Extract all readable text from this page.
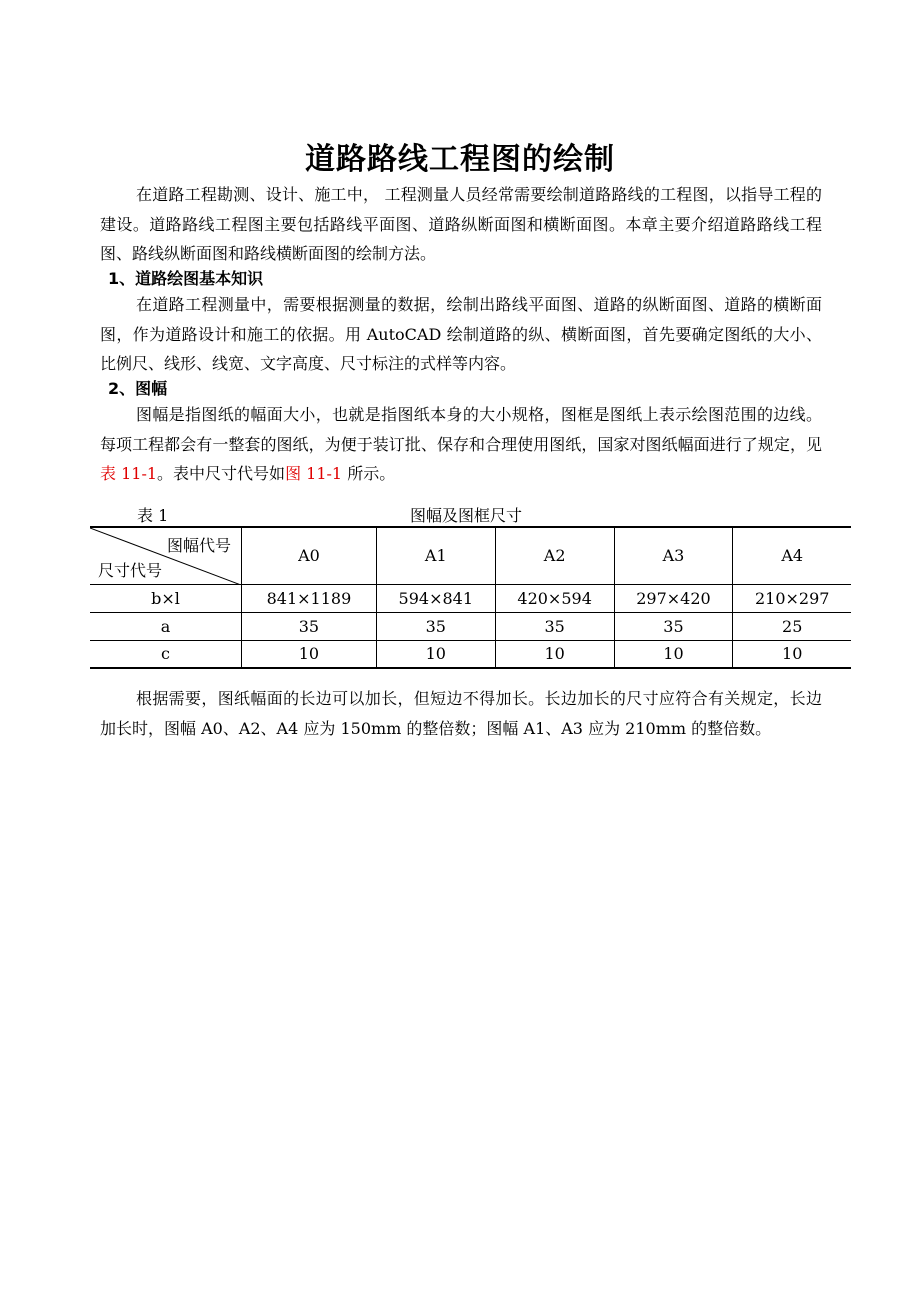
道路路线工程图的绘制
在道路工程勘测、设计、施工中， 工程测量人员经常需要绘制道路路线的工程图，以指导工程的建设。道路路线工程图主要包括路线平面图、道路纵断面图和横断面图。本章主要介绍道路路线工程图、路线纵断面图和路线横断面图的绘制方法。
1、道路绘图基本知识
在道路工程测量中，需要根据测量的数据，绘制出路线平面图、道路的纵断面图、道路的横断面图，作为道路设计和施工的依据。用 AutoCAD 绘制道路的纵、横断面图，首先要确定图纸的大小、比例尺、线形、线宽、文字高度、尺寸标注的式样等内容。
2、图幅
图幅是指图纸的幅面大小，也就是指图纸本身的大小规格，图框是图纸上表示绘图范围的边线。每项工程都会有一整套的图纸，为便于装订批、保存和合理使用图纸，国家对图纸幅面进行了规定，见表 11-1。表中尺寸代号如图 11-1 所示。
表 1	图幅及图框尺寸
图幅代号
尺寸代号	A0	A1	A2	A3	A4
b×l	841×1189	594×841	420×594	297×420	210×297
a	35	35	35	35	25
c	10	10	10	10	10
根据需要，图纸幅面的长边可以加长，但短边不得加长。长边加长的尺寸应符合有关规定，长边加长时，图幅 A0、A2、A4 应为 150mm 的整倍数；图幅 A1、A3 应为 210mm 的整倍数。
